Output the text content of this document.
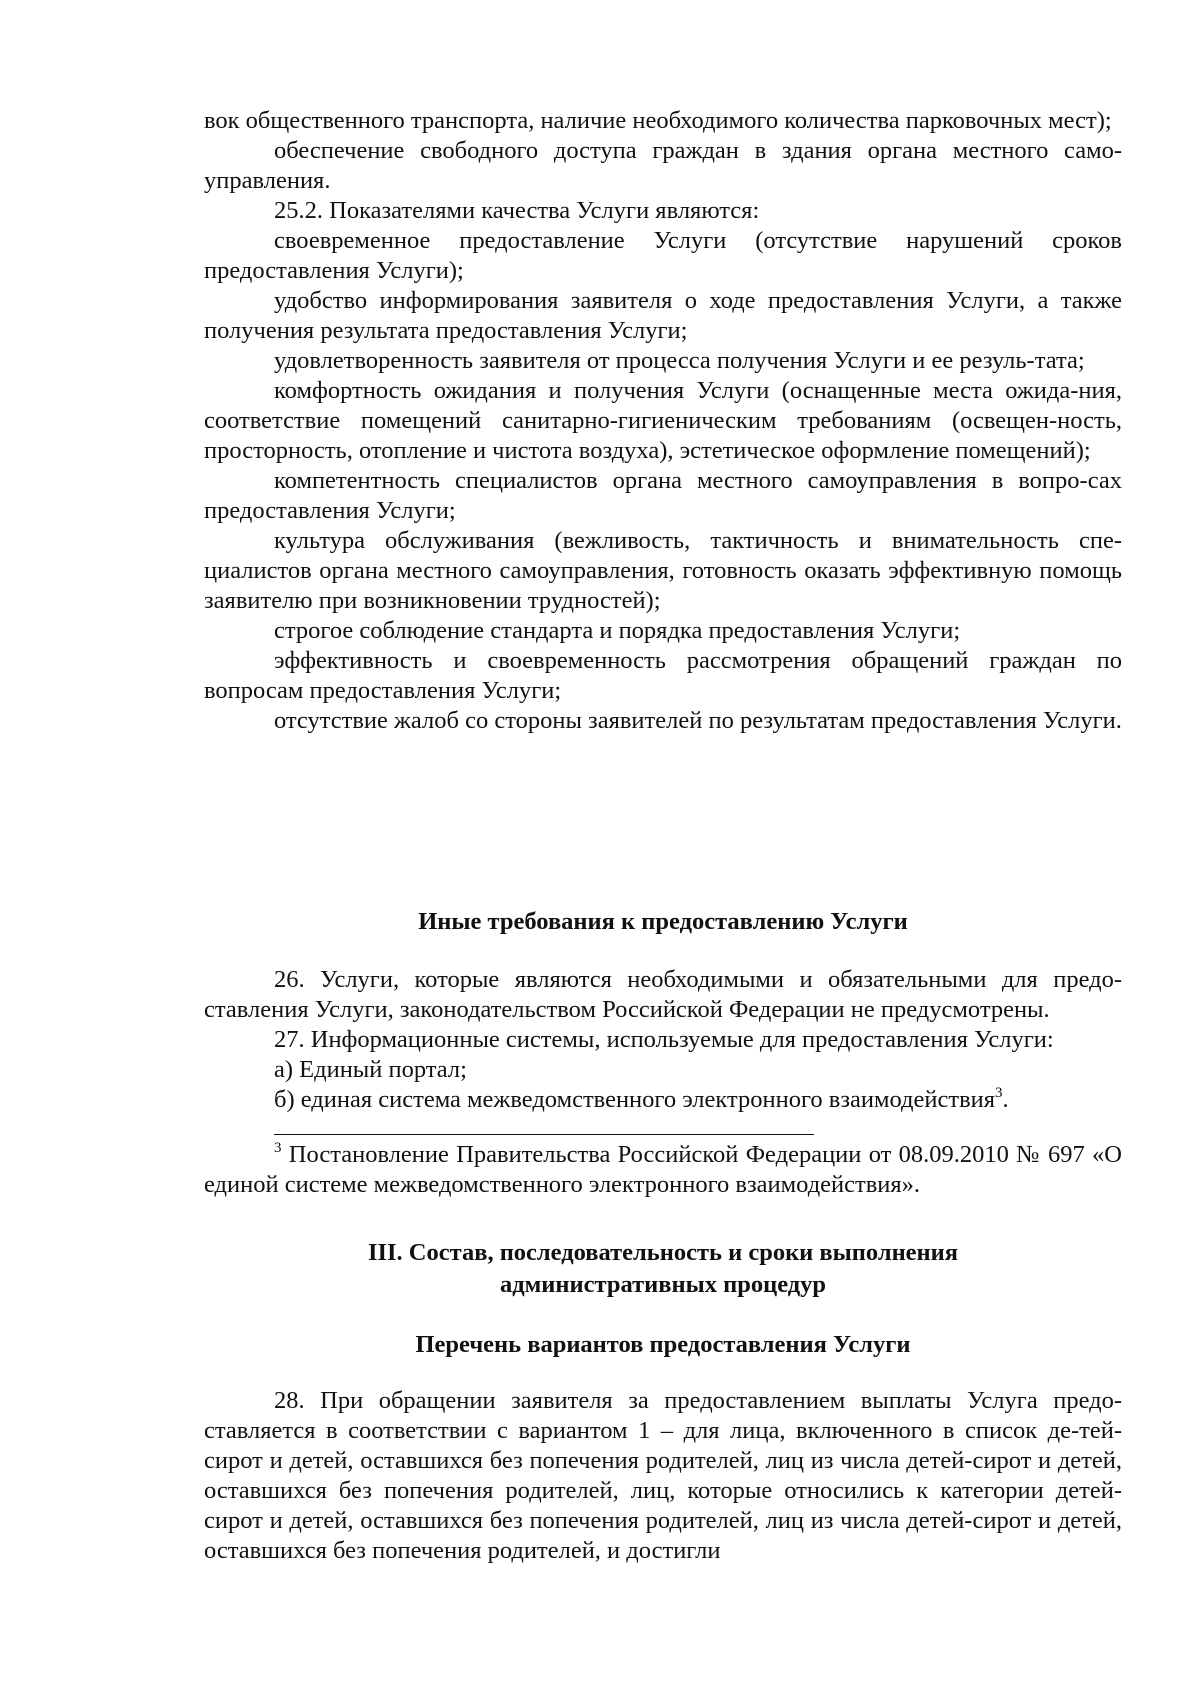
вок общественного транспорта, наличие необходимого количества парковочных мест);

обеспечение свободного доступа граждан в здания органа местного само-управления.

25.2. Показателями качества Услуги являются:

своевременное предоставление Услуги (отсутствие нарушений сроков предоставления Услуги);

удобство информирования заявителя о ходе предоставления Услуги, а также получения результата предоставления Услуги;

удовлетворенность заявителя от процесса получения Услуги и ее резуль-тата;

комфортность ожидания и получения Услуги (оснащенные места ожида-ния, соответствие помещений санитарно-гигиеническим требованиям (освещен-ность, просторность, отопление и чистота воздуха), эстетическое оформление помещений);

компетентность специалистов органа местного самоуправления в вопро-сах предоставления Услуги;

культура обслуживания (вежливость, тактичность и внимательность спе-циалистов органа местного самоуправления, готовность оказать эффективную помощь заявителю при возникновении трудностей);

строгое соблюдение стандарта и порядка предоставления Услуги;

эффективность и своевременность рассмотрения обращений граждан по вопросам предоставления Услуги;

отсутствие жалоб со стороны заявителей по результатам предоставления Услуги.

Иные требования к предоставлению Услуги

26. Услуги, которые являются необходимыми и обязательными для предо-ставления Услуги, законодательством Российской Федерации не предусмотрены.

27. Информационные системы, используемые для предоставления Услуги:

а) Единый портал;

б) единая система межведомственного электронного взаимодействия$^3$.

$^3$ Постановление Правительства Российской Федерации от 08.09.2010 № 697 «О единой системе межведомственного электронного взаимодействия».

III. Состав, последовательность и сроки выполнения
административных процедур
Перечень вариантов предоставления Услуги

28. При обращении заявителя за предоставлением выплаты Услуга предо-ставляется в соответствии с вариантом 1 – для лица, включенного в список де-тей-сирот и детей, оставшихся без попечения родителей, лиц из числа детей-сирот и детей, оставшихся без попечения родителей, лиц, которые относились к категории детей-сирот и детей, оставшихся без попечения родителей, лиц из числа детей-сирот и детей, оставшихся без попечения родителей, и достигли
